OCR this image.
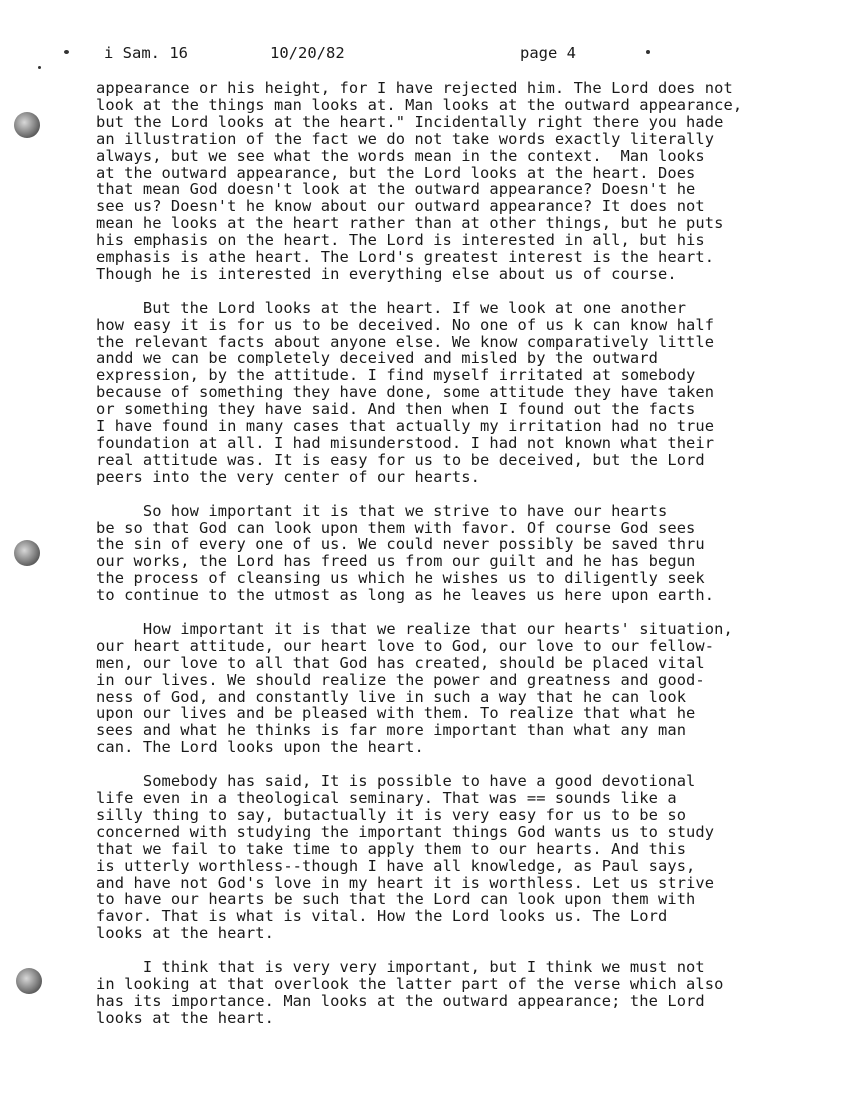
i Sam. 16

	10/20/82

	page 4

appearance or his height, for I have rejected him. The Lord does not
look at the things man looks at. Man looks at the outward appearance,
but the Lord looks at the heart." Incidentally right there you hade
an illustration of the fact we do not take words exactly literally
always, but we see what the words mean in the context.  Man looks
at the outward appearance, but the Lord looks at the heart. Does
that mean God doesn't look at the outward appearance? Doesn't he
see us? Doesn't he know about our outward appearance? It does not
mean he looks at the heart rather than at other things, but he puts
his emphasis on the heart. The Lord is interested in all, but his
emphasis is athe heart. The Lord's greatest interest is the heart.
Though he is interested in everything else about us of course.

But the Lord looks at the heart. If we look at one another
how easy it is for us to be deceived. No one of us k can know half
the relevant facts about anyone else. We know comparatively little
andd we can be completely deceived and misled by the outward
expression, by the attitude. I find myself irritated at somebody
because of something they have done, some attitude they have taken
or something they have said. And then when I found out the facts
I have found in many cases that actually my irritation had no true
foundation at all. I had misunderstood. I had not known what their
real attitude was. It is easy for us to be deceived, but the Lord
peers into the very center of our hearts.

So how important it is that we strive to have our hearts
be so that God can look upon them with favor. Of course God sees
the sin of every one of us. We could never possibly be saved thru
our works, the Lord has freed us from our guilt and he has begun
the process of cleansing us which he wishes us to diligently seek
to continue to the utmost as long as he leaves us here upon earth.

How important it is that we realize that our hearts' situation,
our heart attitude, our heart love to God, our love to our fellow-
men, our love to all that God has created, should be placed vital
in our lives. We should realize the power and greatness and good-
ness of God, and constantly live in such a way that he can look
upon our lives and be pleased with them. To realize that what he
sees and what he thinks is far more important than what any man
can. The Lord looks upon the heart.

Somebody has said, It is possible to have a good devotional
life even in a theological seminary. That was == sounds like a
silly thing to say, butactually it is very easy for us to be so
concerned with studying the important things God wants us to study
that we fail to take time to apply them to our hearts. And this
is utterly worthless--though I have all knowledge, as Paul says,
and have not God's love in my heart it is worthless. Let us strive
to have our hearts be such that the Lord can look upon them with
favor. That is what is vital. How the Lord looks us. The Lord
looks at the heart.

I think that is very very important, but I think we must not
in looking at that overlook the latter part of the verse which also
has its importance. Man looks at the outward appearance; the Lord
looks at the heart.
